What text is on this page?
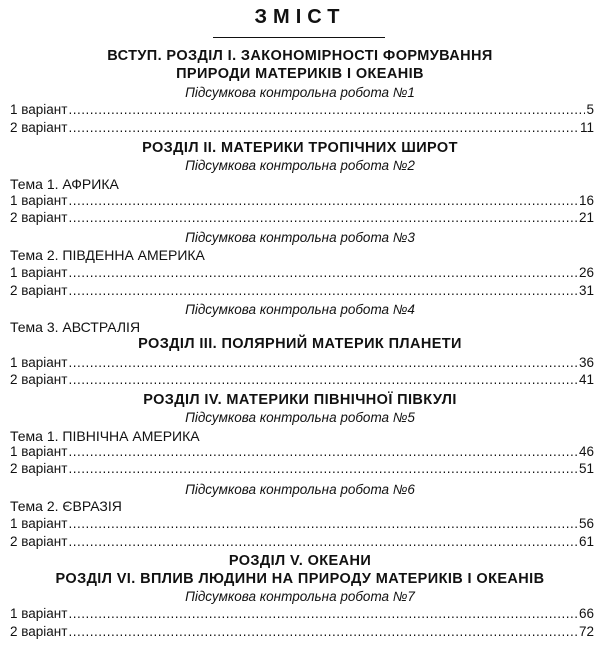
ЗМІСТ
ВСТУП. РОЗДІЛ І. ЗАКОНОМІРНОСТІ ФОРМУВАННЯ
ПРИРОДИ МАТЕРИКІВ І ОКЕАНІВ
Підсумкова контрольна робота №1
1 варіант .....	5
2 варіант .....	11
РОЗДІЛ ІІ. МАТЕРИКИ ТРОПІЧНИХ ШИРОТ
Підсумкова контрольна робота №2
Тема 1. АФРИКА
1 варіант .....	16
2 варіант .....	21
Підсумкова контрольна робота №3
Тема 2. ПІВДЕННА АМЕРИКА
1 варіант .....	26
2 варіант .....	31
Підсумкова контрольна робота №4
Тема 3. АВСТРАЛІЯ
РОЗДІЛ ІІІ. ПОЛЯРНИЙ МАТЕРИК ПЛАНЕТИ
1 варіант .....	36
2 варіант .....	41
РОЗДІЛ IV. МАТЕРИКИ ПІВНІЧНОЇ ПІВКУЛІ
Підсумкова контрольна робота №5
Тема 1. ПІВНІЧНА АМЕРИКА
1 варіант .....	46
2 варіант .....	51
Підсумкова контрольна робота №6
Тема 2. ЄВРАЗІЯ
1 варіант .....	56
2 варіант .....	61
РОЗДІЛ V. ОКЕАНИ
РОЗДІЛ VI. ВПЛИВ ЛЮДИНИ НА ПРИРОДУ МАТЕРИКІВ І ОКЕАНІВ
Підсумкова контрольна робота №7
1 варіант .....	66
2 варіант .....	72
